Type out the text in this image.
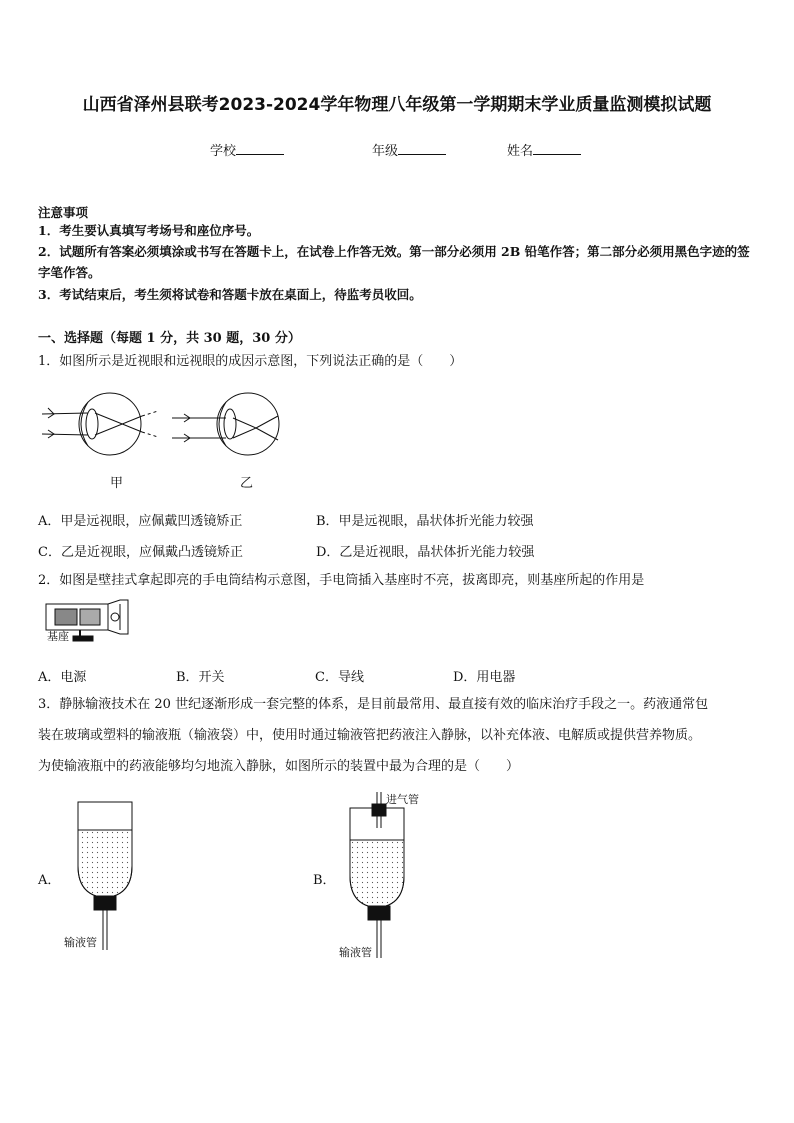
山西省泽州县联考2023-2024学年物理八年级第一学期期末学业质量监测模拟试题
学校	年级	姓名
注意事项
1．考生要认真填写考场号和座位序号。
2．试题所有答案必须填涂或书写在答题卡上，在试卷上作答无效。第一部分必须用 2B 铅笔作答；第二部分必须用黑色字迹的签字笔作答。
3．考试结束后，考生须将试卷和答题卡放在桌面上，待监考员收回。
一、选择题（每题 1 分，共 30 题，30 分）
1．如图所示是近视眼和远视眼的成因示意图，下列说法正确的是（　　）
甲	乙
A．甲是远视眼，应佩戴凹透镜矫正	B．甲是远视眼，晶状体折光能力较强
C．乙是近视眼，应佩戴凸透镜矫正	D．乙是近视眼，晶状体折光能力较强
2．如图是壁挂式拿起即亮的手电筒结构示意图，手电筒插入基座时不亮，拔离即亮，则基座所起的作用是
基座
A．电源	B．开关	C．导线	D．用电器
3．静脉输液技术在 20 世纪逐渐形成一套完整的体系，是目前最常用、最直接有效的临床治疗手段之一。药液通常包
装在玻璃或塑料的输液瓶（输液袋）中，使用时通过输液管把药液注入静脉，以补充体液、电解质或提供营养物质。
为使输液瓶中的药液能够均匀地流入静脉，如图所示的装置中最为合理的是（　　）
A．	B．
输液管
输液管
进气管
